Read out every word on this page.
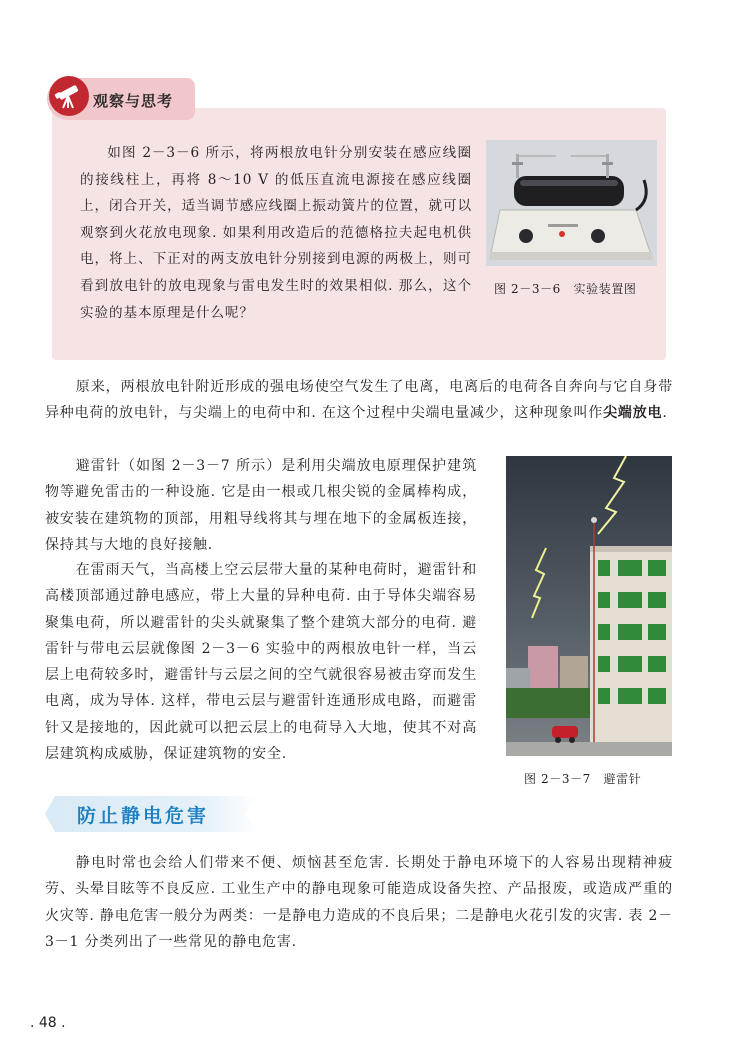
观察与思考
如图 2－3－6 所示，将两根放电针分别安装在感应线圈的接线柱上，再将 8～10 V 的低压直流电源接在感应线圈上，闭合开关，适当调节感应线圈上振动簧片的位置，就可以观察到火花放电现象. 如果利用改造后的范德格拉夫起电机供电，将上、下正对的两支放电针分别接到电源的两极上，则可看到放电针的放电现象与雷电发生时的效果相似. 那么，这个实验的基本原理是什么呢？
图 2－3－6　实验装置图
原来，两根放电针附近形成的强电场使空气发生了电离，电离后的电荷各自奔向与它自身带异种电荷的放电针，与尖端上的电荷中和. 在这个过程中尖端电量减少，这种现象叫作尖端放电.
避雷针（如图 2－3－7 所示）是利用尖端放电原理保护建筑物等避免雷击的一种设施. 它是由一根或几根尖锐的金属棒构成，被安装在建筑物的顶部，用粗导线将其与埋在地下的金属板连接，保持其与大地的良好接触.
在雷雨天气，当高楼上空云层带大量的某种电荷时，避雷针和高楼顶部通过静电感应，带上大量的异种电荷. 由于导体尖端容易聚集电荷，所以避雷针的尖头就聚集了整个建筑大部分的电荷. 避雷针与带电云层就像图 2－3－6 实验中的两根放电针一样，当云层上电荷较多时，避雷针与云层之间的空气就很容易被击穿而发生电离，成为导体. 这样，带电云层与避雷针连通形成电路，而避雷针又是接地的，因此就可以把云层上的电荷导入大地，使其不对高层建筑构成威胁，保证建筑物的安全.
图 2－3－7　避雷针
防止静电危害
静电时常也会给人们带来不便、烦恼甚至危害. 长期处于静电环境下的人容易出现精神疲劳、头晕目眩等不良反应. 工业生产中的静电现象可能造成设备失控、产品报废，或造成严重的火灾等. 静电危害一般分为两类：一是静电力造成的不良后果；二是静电火花引发的灾害. 表 2－3－1 分类列出了一些常见的静电危害.
. 48 .
